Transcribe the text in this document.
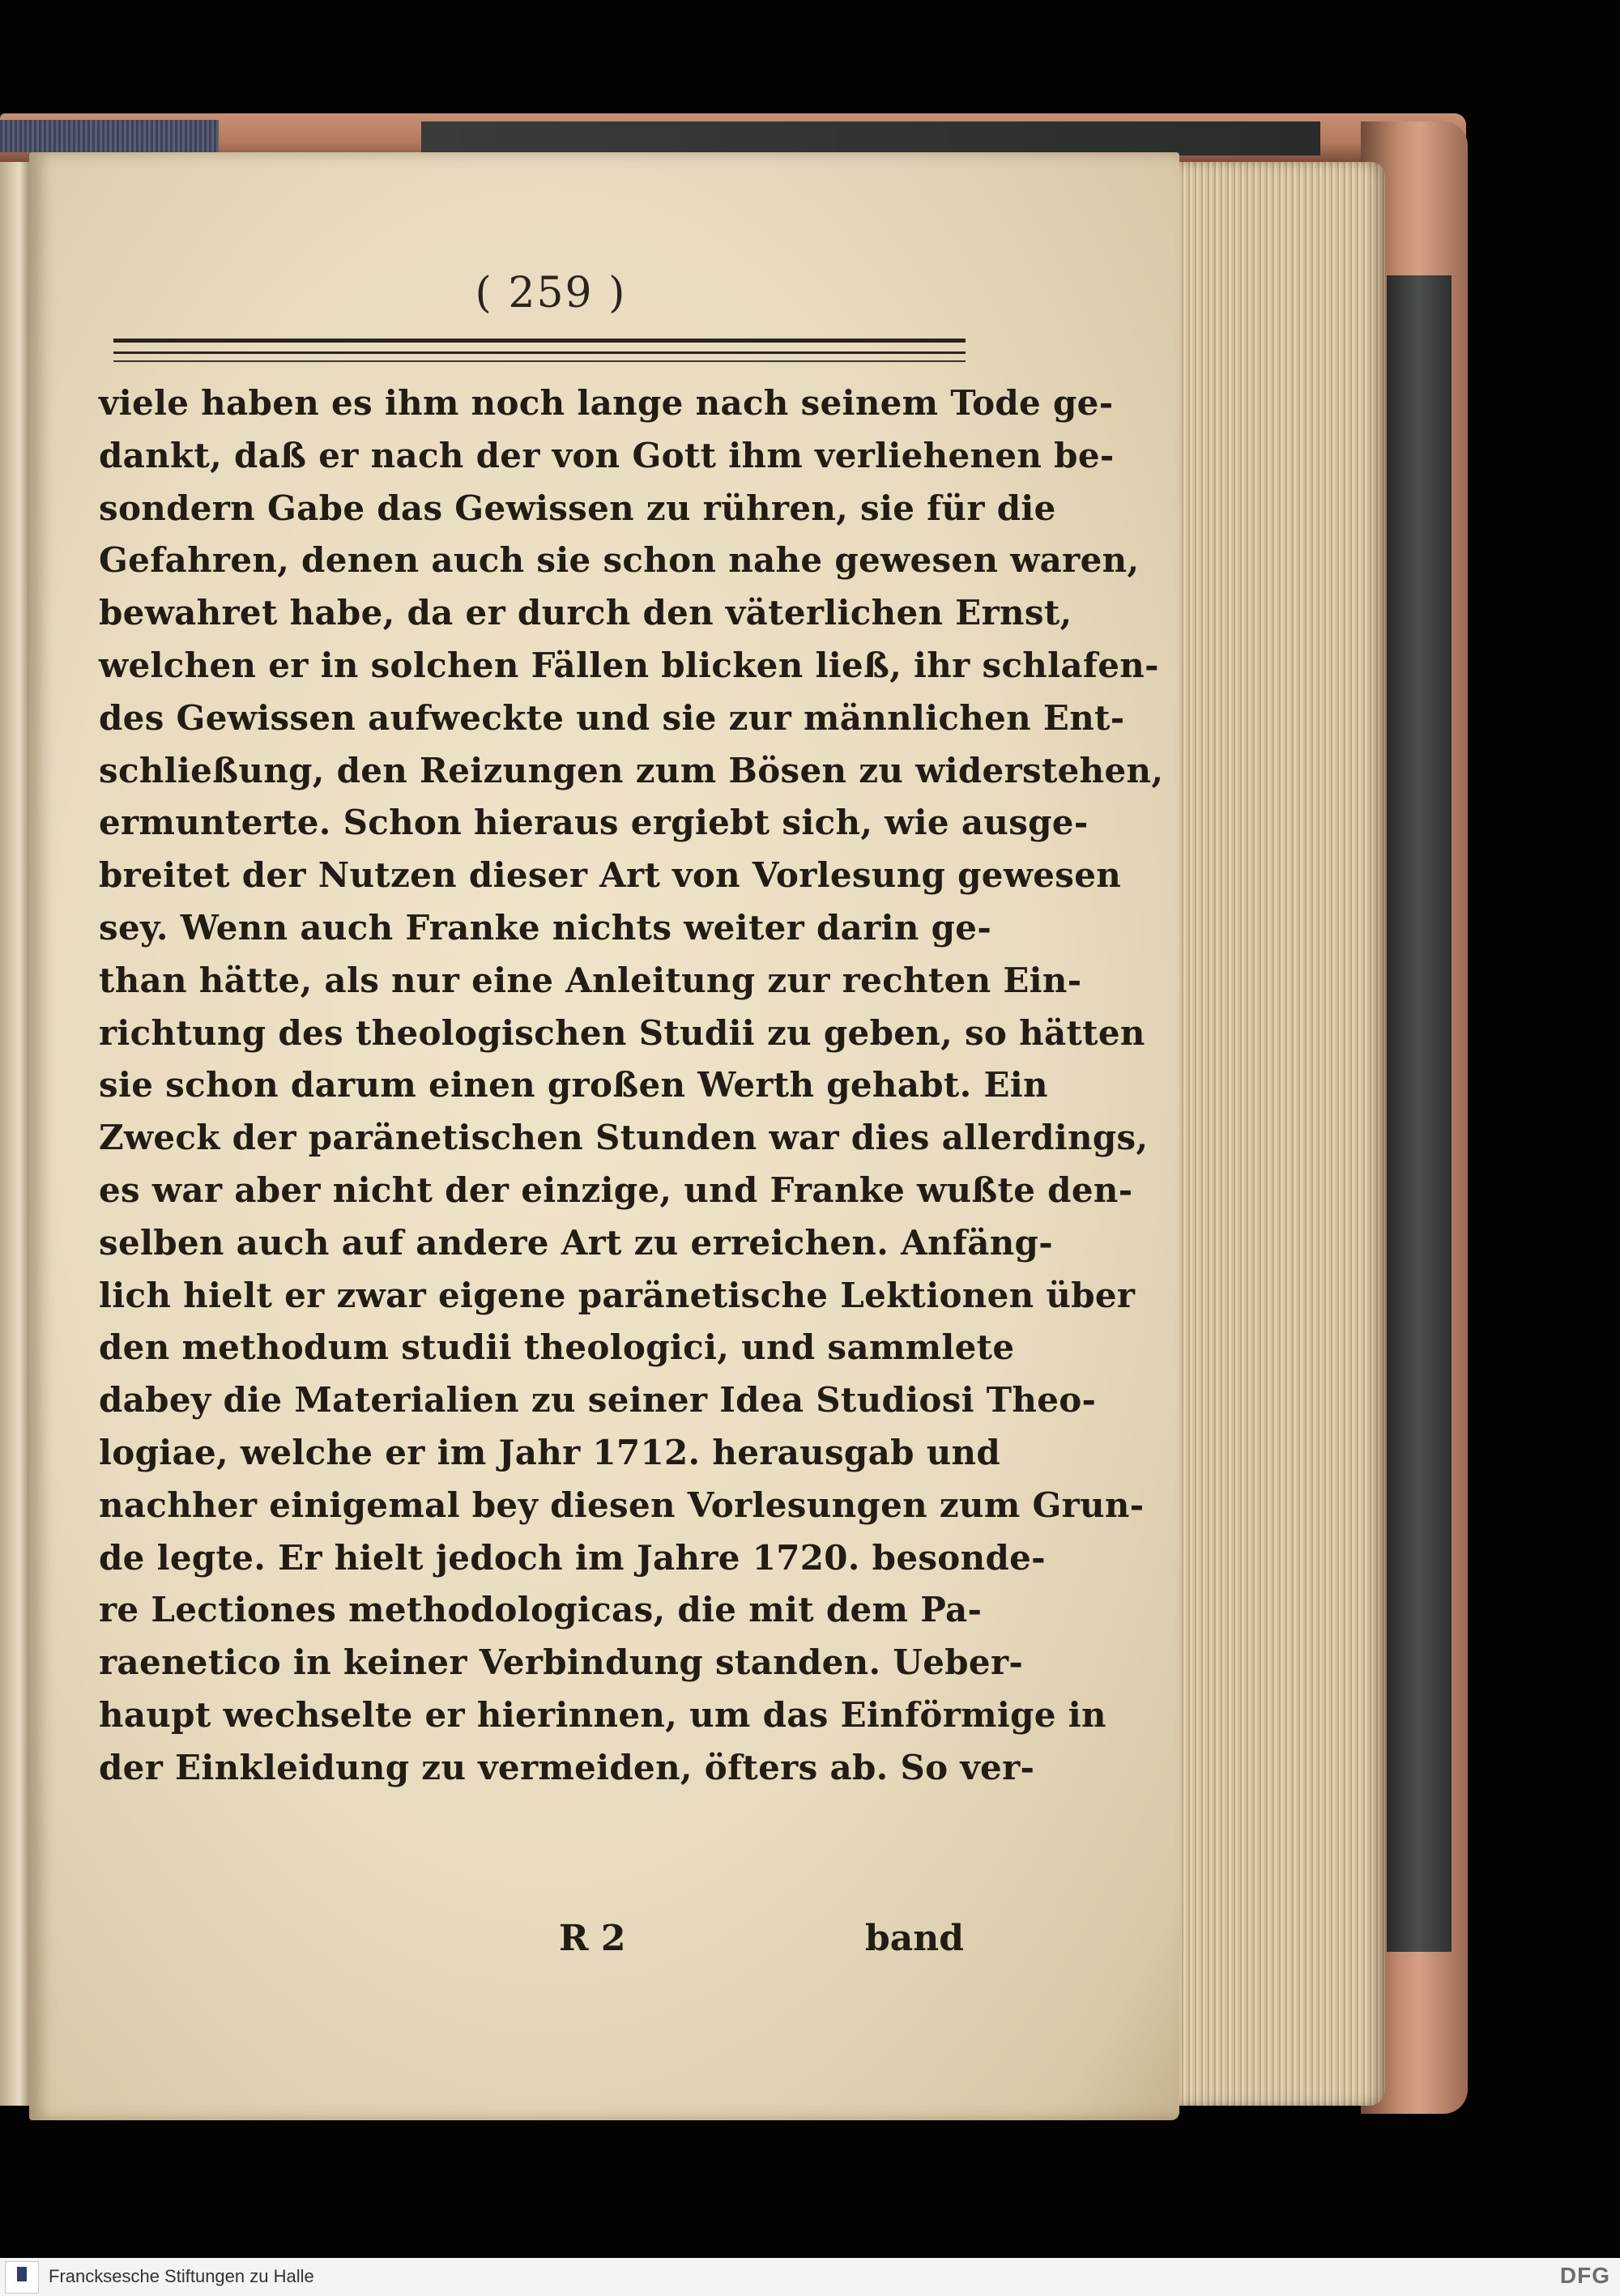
( 259 )
viele haben es ihm noch lange nach seinem Tode ge-
dankt, daß er nach der von Gott ihm verliehenen be-
sondern Gabe das Gewissen zu rühren, sie für die
Gefahren, denen auch sie schon nahe gewesen waren,
bewahret habe, da er durch den väterlichen Ernst,
welchen er in solchen Fällen blicken ließ, ihr schlafen-
des Gewissen aufweckte und sie zur männlichen Ent-
schließung, den Reizungen zum Bösen zu widerstehen,
ermunterte. Schon hieraus ergiebt sich, wie ausge-
breitet der Nutzen dieser Art von Vorlesung gewesen
sey. Wenn auch Franke nichts weiter darin ge-
than hätte, als nur eine Anleitung zur rechten Ein-
richtung des theologischen Studii zu geben, so hätten
sie schon darum einen großen Werth gehabt. Ein
Zweck der paränetischen Stunden war dies allerdings,
es war aber nicht der einzige, und Franke wußte den-
selben auch auf andere Art zu erreichen. Anfäng-
lich hielt er zwar eigene paränetische Lektionen über
den methodum studii theologici, und sammlete
dabey die Materialien zu seiner Idea Studiosi Theo-
logiae, welche er im Jahr 1712. herausgab und
nachher einigemal bey diesen Vorlesungen zum Grun-
de legte. Er hielt jedoch im Jahre 1720. besonde-
re Lectiones methodologicas, die mit dem Pa-
raenetico in keiner Verbindung standen. Ueber-
haupt wechselte er hierinnen, um das Einförmige in
der Einkleidung zu vermeiden, öfters ab. So ver-
R 2	band
Francksesche Stiftungen zu Halle	DFG
